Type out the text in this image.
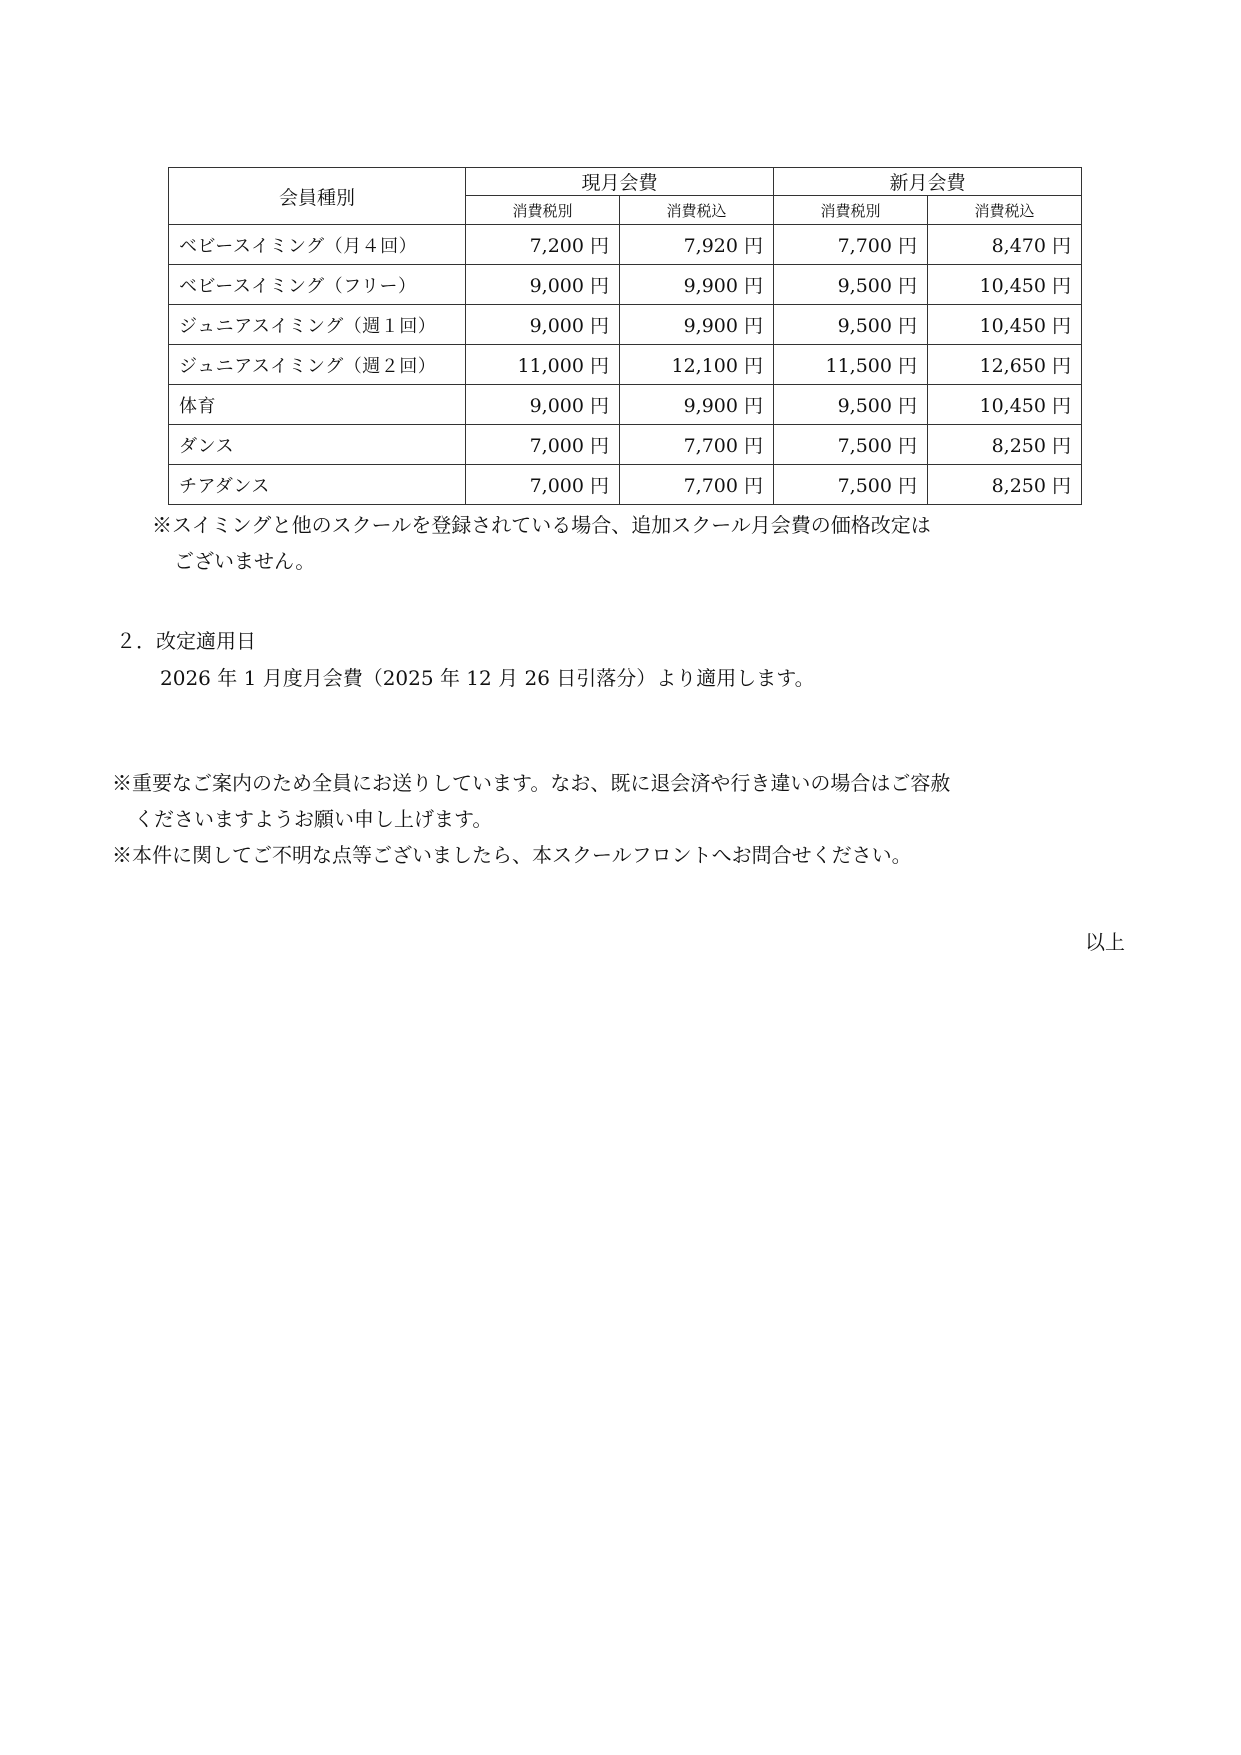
会員種別	現月会費		新月会費	
	消費税別	消費税込	消費税別	消費税込
ベビースイミング（月４回）	7,200 円	7,920 円	7,700 円	8,470 円
ベビースイミング（フリー）	9,000 円	9,900 円	9,500 円	10,450 円
ジュニアスイミング（週１回）	9,000 円	9,900 円	9,500 円	10,450 円
ジュニアスイミング（週２回）	11,000 円	12,100 円	11,500 円	12,650 円
体育	9,000 円	9,900 円	9,500 円	10,450 円
ダンス	7,000 円	7,700 円	7,500 円	8,250 円
チアダンス	7,000 円	7,700 円	7,500 円	8,250 円
※スイミングと他のスクールを登録されている場合、追加スクール月会費の価格改定は
ございません。
２．改定適用日
2026 年 1 月度月会費（2025 年 12 月 26 日引落分）より適用します。
※重要なご案内のため全員にお送りしています。なお、既に退会済や行き違いの場合はご容赦
くださいますようお願い申し上げます。
※本件に関してご不明な点等ございましたら、本スクールフロントへお問合せください。
以上
